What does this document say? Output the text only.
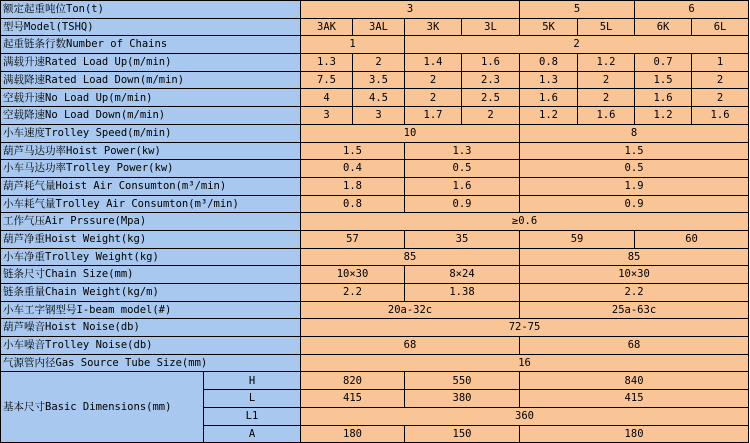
额定起重吨位Ton(t)		3				5		6	
型号Model(TSHQ)		3AK	3AL	3K	3L	5K	5L	6K	6L
起重链条行数Number of Chains		1		2					
满载升速Rated Load Up(m/min)		1.3	2	1.4	1.6	0.8	1.2	0.7	1
满载降速Rated Load Down(m/min)		7.5	3.5	2	2.3	1.3	2	1.5	2
空载升速No Load Up(m/min)		4	4.5	2	2.5	1.6	2	1.6	2
空载降速No Load Down(m/min)		3	3	1.7	2	1.2	1.6	1.2	1.6
小车速度Trolley Speed(m/min)		10				8			
葫芦马达功率Hoist Power(kw)		1.5		1.3		1.5			
小车马达功率Trolley Power(kw)		0.4		0.5		0.5			
葫芦耗气量Hoist Air Consumton(m³/min)		1.8		1.6		1.9			
小车耗气量Trolley Air Consumton(m³/min)		0.8		0.9		0.9			
工作气压Air Prssure(Mpa)		≥0.6							
葫芦净重Hoist Weight(kg)		57		35		59		60	
小车净重Trolley Weight(kg)		85				85			
链条尺寸Chain Size(mm)		10×30		8×24		10×30			
链条重量Chain Weight(kg/m)		2.2		1.38		2.2			
小车工字钢型号I-beam model(#)		20a-32c				25a-63c			
葫芦噪音Hoist Noise(db)		72-75							
小车噪音Trolley Noise(db)		68				68			
气源管内径Gas Source Tube Size(mm)		16							
基本尺寸Basic Dimensions(mm)	H	820		550		840			
	L	415		380		415			
	L1	360							
	A	180		150		180			
